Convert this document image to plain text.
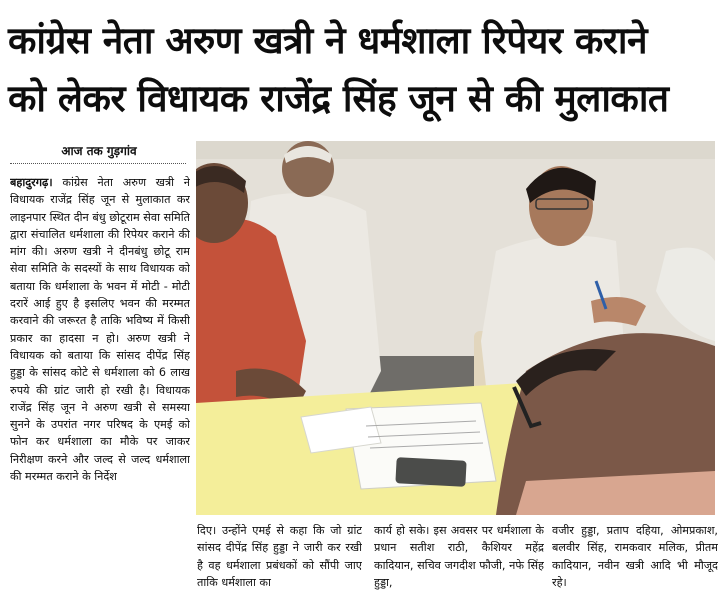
कांग्रेस नेता अरुण खत्री ने धर्मशाला रिपेयर कराने
को लेकर विधायक राजेंद्र सिंह जून से की मुलाकात
आज तक गुड़गांव
बहादुरगढ़। कांग्रेस नेता अरुण खत्री ने विधायक राजेंद्र सिंह जून से मुलाकात कर लाइनपार स्थित दीन बंधु छोटूराम सेवा समिति द्वारा संचालित धर्मशाला की रिपेयर कराने की मांग की। अरुण खत्री ने दीनबंधु छोटू राम सेवा समिति के सदस्यों के साथ विधायक को बताया कि धर्मशाला के भवन में मोटी - मोटी दरारें आई हुए है इसलिए भवन की मरम्मत करवाने की जरूरत है ताकि भविष्य में किसी प्रकार का हादसा न हो। अरुण खत्री ने विधायक को बताया कि सांसद दीपेंद्र सिंह हुड्डा के सांसद कोटे से धर्मशाला को 6 लाख रुपये की ग्रांट जारी हो रखी है। विधायक राजेंद्र सिंह जून ने अरुण खत्री से समस्या सुनने के उपरांत नगर परिषद के एमई को फोन कर धर्मशाला का मौके पर जाकर निरीक्षण करने और जल्द से जल्द धर्मशाला की मरम्मत कराने के निर्देश
दिए। उन्होंने एमई से कहा कि जो ग्रांट सांसद दीपेंद्र सिंह हुड्डा ने जारी कर रखी है वह धर्मशाला प्रबंधकों को सौंपी जाए ताकि धर्मशाला का
कार्य हो सके। इस अवसर पर धर्मशाला के प्रधान सतीश राठी, कैशियर महेंद्र कादियान, सचिव जगदीश फौजी, नफे सिंह हुड्डा,
वजीर हुड्डा, प्रताप दहिया, ओमप्रकाश, बलवीर सिंह, रामकवार मलिक, प्रीतम कादियान, नवीन खत्री आदि भी मौजूद रहे।
